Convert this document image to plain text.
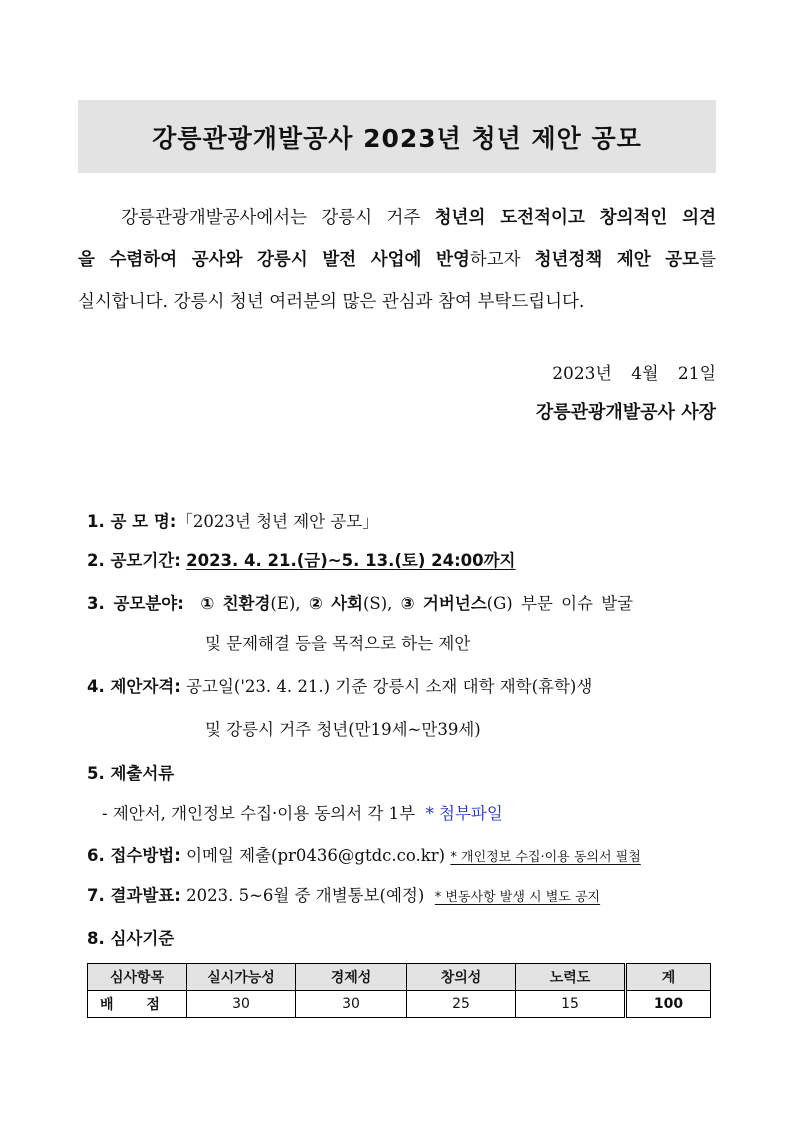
강릉관광개발공사 2023년 청년 제안 공모
강릉관광개발공사에서는 강릉시 거주 청년의 도전적이고 창의적인 의견
을 수렴하여 공사와 강릉시 발전 사업에 반영하고자 청년정책 제안 공모를
실시합니다. 강릉시 청년 여러분의 많은 관심과 참여 부탁드립니다.
2023년 4월 21일
강릉관광개발공사 사장
1. 공 모 명:「2023년 청년 제안 공모」
2. 공모기간: 2023. 4. 21.(금)~5. 13.(토) 24:00까지
3. 공모분야: ① 친환경(E), ② 사회(S), ③ 거버넌스(G) 부문 이슈 발굴
및 문제해결 등을 목적으로 하는 제안
4. 제안자격: 공고일('23. 4. 21.) 기준 강릉시 소재 대학 재학(휴학)생
및 강릉시 거주 청년(만19세~만39세)
5. 제출서류
- 제안서, 개인정보 수집·이용 동의서 각 1부 * 첨부파일
6. 접수방법: 이메일 제출(pr0436@gtdc.co.kr) * 개인정보 수집·이용 동의서 필첨
7. 결과발표: 2023. 5~6월 중 개별통보(예정) * 변동사항 발생 시 별도 공지
8. 심사기준
심사항목	실시가능성	경제성	창의성	노력도	계
배 점	30	30	25	15	100
